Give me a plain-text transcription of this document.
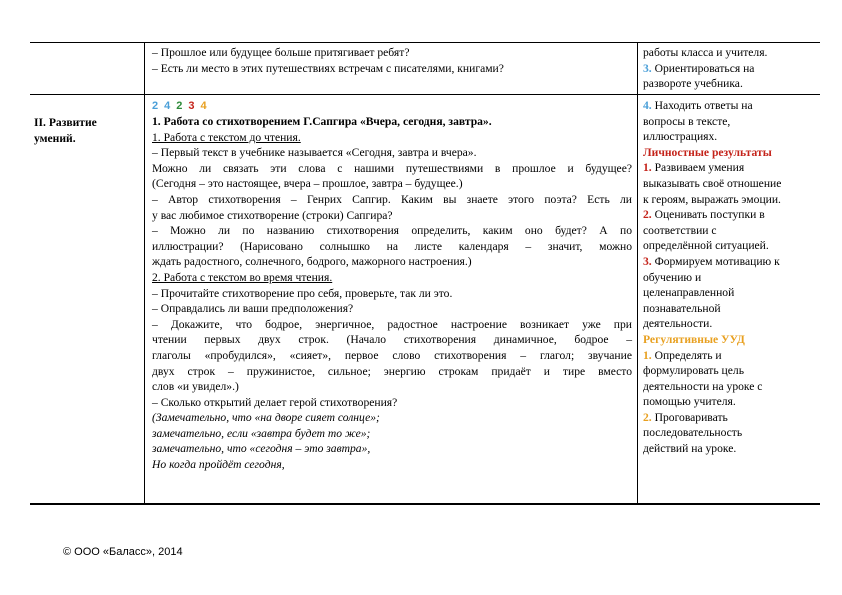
– Прошлое или будущее больше притягивает ребят?
– Есть ли место в этих путешествиях встречам с писателями, книгами?
работы класса и учителя.
3. Ориентироваться на
развороте учебника.

II. Развитие

умений.

2 4 2 3 4
1. Работа со стихотворением Г.Сапгира «Вчера, сегодня, завтра».
1. Работа с текстом до чтения.
– Первый текст в учебнике называется «Сегодня, завтра и вчера».
Можно ли связать эти слова с нашими путешествиями в прошлое и будущее?
(Сегодня – это настоящее, вчера – прошлое, завтра – будущее.)
– Автор стихотворения – Генрих Сапгир. Каким вы знаете этого поэта? Есть ли
у вас любимое стихотворение (строки) Сапгира?
– Можно ли по названию стихотворения определить, каким оно будет? А по
иллюстрации? (Нарисовано солнышко на листе календаря – значит, можно
ждать радостного, солнечного, бодрого, мажорного настроения.)
2. Работа с текстом во время чтения.
– Прочитайте стихотворение про себя, проверьте, так ли это.
– Оправдались ли ваши предположения?
– Докажите, что бодрое, энергичное, радостное настроение возникает уже при
чтении первых двух строк. (Начало стихотворения динамичное, бодрое –
глаголы «пробудился», «сияет», первое слово стихотворения – глагол; звучание
двух строк – пружинистое, сильное; энергию строкам придаёт и тире вместо
слов «и увидел».)
– Сколько открытий делает герой стихотворения?
(Замечательно, что «на дворе сияет солнце»;
замечательно, если «завтра будет то же»;
замечательно, что «сегодня – это завтра»,
Но когда пройдёт сегодня,
4. Находить ответы на
вопросы в тексте,
иллюстрациях.
Личностные результаты
1. Развиваем умения
выказывать своё отношение
к героям, выражать эмоции.
2. Оценивать поступки в
соответствии с
определённой ситуацией.
3. Формируем мотивацию к
обучению и
целенаправленной
познавательной
деятельности.
Регулятивные УУД
1. Определять и
формулировать цель
деятельности на уроке с
помощью учителя.
2. Проговаривать
последовательность
действий на уроке.
© ООО «Баласс», 2014
